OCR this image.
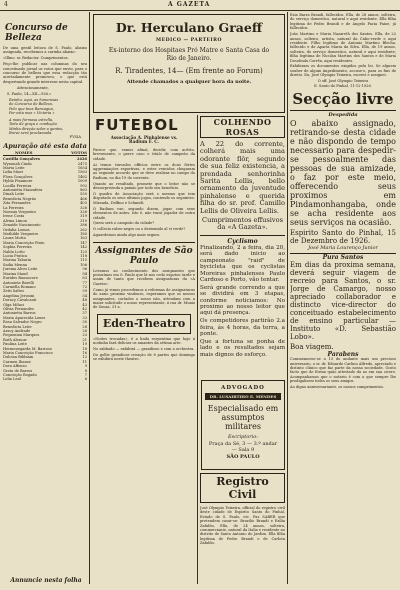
4	A GAZETA
Concurso de Belleza

De uma gentil leitora de S. Paulo, abaixo assignada, recebemos a carinha abaixo:

«Illmo. sr. Redactor. Cumprimentos.

Peço-lhe publicar nas columnas do seu conceituado jornal os votos que envio, para o concurso de belleza que essa redacção tão acertadamente promoveu, e que está despertando grande interesse nesta capital.

Attenciosamente,

S. Paulo, 14—XII—926.»

Reinho, aqui, as honorosas
do Concurso de Belleza,
Pelo que teus Rancagua,
Por esta mas « Victoria »
A mais formosa estrella,
Teito de graça e condução
Minha direção solar a gentes,
Breve será proclamada.
FYSIA
Apuração até esta data
NOMES	VOTOS
Castilla Gonçalves	2426
Wynonah Cinda	2475
Marta Leite	1654
Lidia Miori	1563
Flora Gonçalves	1462
Hylda Finamore	1009
Lucilla Ferreira	992
Antonietta Mazzafera	863
Dinah Leite	550
Benedicta Negrão	466
Zita Fernandes	403
La Ferreira	326
Noemia Vergueiro	326
Irene Costa	319
Alvina Limon	310
Zenaide Nascimento	286
Ordalia Lemos	262
Mathilde Vergueiro	180
Laura Motta	163
Maria Conceição Pinto	147
Sophia Ferreira	142
Nalda Lotto	125
Lucia Pratica	118
Marina Tabarin	115
Sadia Menna	106
Jurema Alves Leite	96
Marina Maud	94
Eurides Buonocore	83
Antonieta Barelli	77
Carmella Romano	72
Zetti Saltes	59
Angelina Jerusini	54
Doracy Cavalcanti	48
Olga Miluci	43
Olivia Fernandes	42
Antonietta Barros	37
Maria Aparecida Lenes	33
Rosa Salvador Negro	30
Benedicta Leite	28
Aracy Andrade	26
Pequenina Marques	23
Ruth Alencar	21
Paulina Leite	19
Hermenegarda M. Barroso	18
Maria Conceição Francisco	16
Dulcina Bibbiam	12
Carmen Ibanez	11
Dora Affonso	9
Greta de Barros	8
Conceição Rogado	7
Lelia Leal	6
Annuncie nesta folha
Dr. Herculano Graeff
MEDICO — PARTEIRO
Ex-interno dos Hospitaes Pró Matre e Santa Casa do Rio de Janeiro.
R. Tiradentes, 14— (Em frente ao Forum)
Attende chamados a qualquer hora da noite.
FUTEBOL
Associação A. Pinhalense vs. Radium F. C.

Parece que, vamos afinal, decidir, com acêrto, brevemente, o grave caso o titulo de campeão da cidade.

Ai temos travados offícios entre os dous fórtes aggremiações esportivas, e estes vencidos chegaram ao seguinte accordo que se deve realizar no campo do Radium, no dia 19 do corrente.

Quanto ao resultado, promete que o leitor não se dessorpreenda a paixão por todo seu beneficio.

O quadro de Associação será o mesmo que tem disputado os seus ultimos jogos, contendo os seguintes: Miranda, Delfino e Schmidt.

O Radium vae, segundo dizem, jogar com seus elementos de antes, isto é, não trará jogador de outra cidade.

Quem será o campeão da cidade?

O collecio rubro-negro ou o destemido al vi verde?

Aguardemos ainda algo mais seguro.

Assignantes de São Paulo

Levamos ao conhecimento dos assignantes que possuímos em S. Paulo que lá nos cedo esgotou tarde e assim de tanto que recebem assignaturas da «A Gazeta».

Como já vimos procedemos a reformas de assignaturas do anno proximo vindouro, esperamos que os nossos assignantes, cortados o nosso não, attendam com a maior solicitude o nosso representante, á rua dr. Muniz de Souza, 31 a.

Eden-Theatro

«Noites trocadas», é a linda serpentina que hoje á noitinha fará deliciar os amantes da sétima arte.

No sabbado — exhibirá — grandioso e com a orchestra.

Do golbe grandiose creação de 8 partes que domingo se exhibirá neste theatro.

COLHENDO ROSAS

A 22 do corrente, colherá mais uma odorante flôr, segundo de sua feliz existencia, a prendada senhorinha Sarita Lellis, bello ornamento da juventude pinhalense e querida filha do sr. prof. Camillo Lellis de Oliveira Lellis.

Cumprimentos effusivos da «A Gazeta».

Cyclismo

Finalizando, 2 a feira, dia 20, será dado inicio ao campeonato "raid" de bycicleta que os cyclistas Moreiras pinhalenses Paulo Cardoso e Porto, vão tentar.

Será grande correndo a que se dividirá em 3 etapas, conforme noticiamos: No proximo ao nosso leitor que aqui dá presença.

Os competidores partirão 2.a feira, ás 4 horas, da terra, a ponte.

Que a fortuna se ponha de lado e os resultados sejam mais dignos do esforço.

ADVOGADO
DR. LUSAIRTIHO E. MENDES
Especialisado em assumptos militares
Escriptorio:
Praça da Sé, 3 — 3.º andar — Sala 9
SÃO PAULO
Registro Civil

José Olympio Teixeira, official do registro civil deste cidade de Espirito Santo do Pinhal, Estado de S. Paulo, etc. Faz SABER que pretendem casar-se: Brazilio Brandi e Ezilia Zafalôn, Ella, de 24 annos, solteira, commerciante, natural da Italia e residente no distrito de Santo Antonio do Jardim. Ella filha legitima de Pedro Brandi e de Carlota Zafalôn.

Ezia Barra Brandi, fallecidos. Ella, de 28 annos, solteira, do serviço domestico, natural e aqui residente. Ella filha legitima de Pedro Brandi e de Angelo Pacia Faioe, já fallecidos.

João Martino e Maria Nazareth dos Santos. Ella, de 22 annos, solteiro, artista, natural da Cabo-verde e aqui residente. Filho legítimo de Antonio Martino Blecha, fallecido e de Aparta Maria da Silva. Ella, de 19 annos, solteira, do serviço domestico, natural e aqui residente; filha legitima de Nicolau Martins dos Santos e de Maria Dosolinda Corrêa, aqui residentes.

Exhibiram os documentos exigidos pela lei. Se alguem souber de algum impedimento, accuse-o, para os fins de direito. Eu, José Olympio Teixeira, escrevi e assignei.

O off. José Olympio Teixeira
E. Santo do Pinhal, 11-12-1926.
Secção livre
Despedida

O abaixo assignado, retirando-se desta cidade e não dispondo de tempo necessario para despedir-se pessoalmente das pessoas de sua amizade, o faz por este meio, offerecendo seus proximos em Pindamonhangaba, onde se acha residente aos seus serviços na ocasião.

Espirito Santo do Pinhal, 15 de Dezembro de 1926.

José Maria Lourenço Junior
Pura Santos

Em dias da proxima semana, deverá seguir viagem de recreio para Santos, o sr. Jorge de Camargo, nosso apreciado collaborador e distincto vice-director do conceituado estabelecimento de ensino particular — Instituto «D. Sebastião Lobo».

Boa viagem.

Parabens

Commemorou-se a 13 do andante mais um precioso aniversario, o sr. dr. Eduardo Carlino Alfredo, apreciado e distinto clinico que faz parte da nossa sociedade. Gosto facto que de fórma quão attestado da ao em sua cicero. Acompanhamos que o notario é com a que sempre lhe prodigalisem todos os seus amigos.

Ao digno anniversariante, os nossos cumprimentos.
